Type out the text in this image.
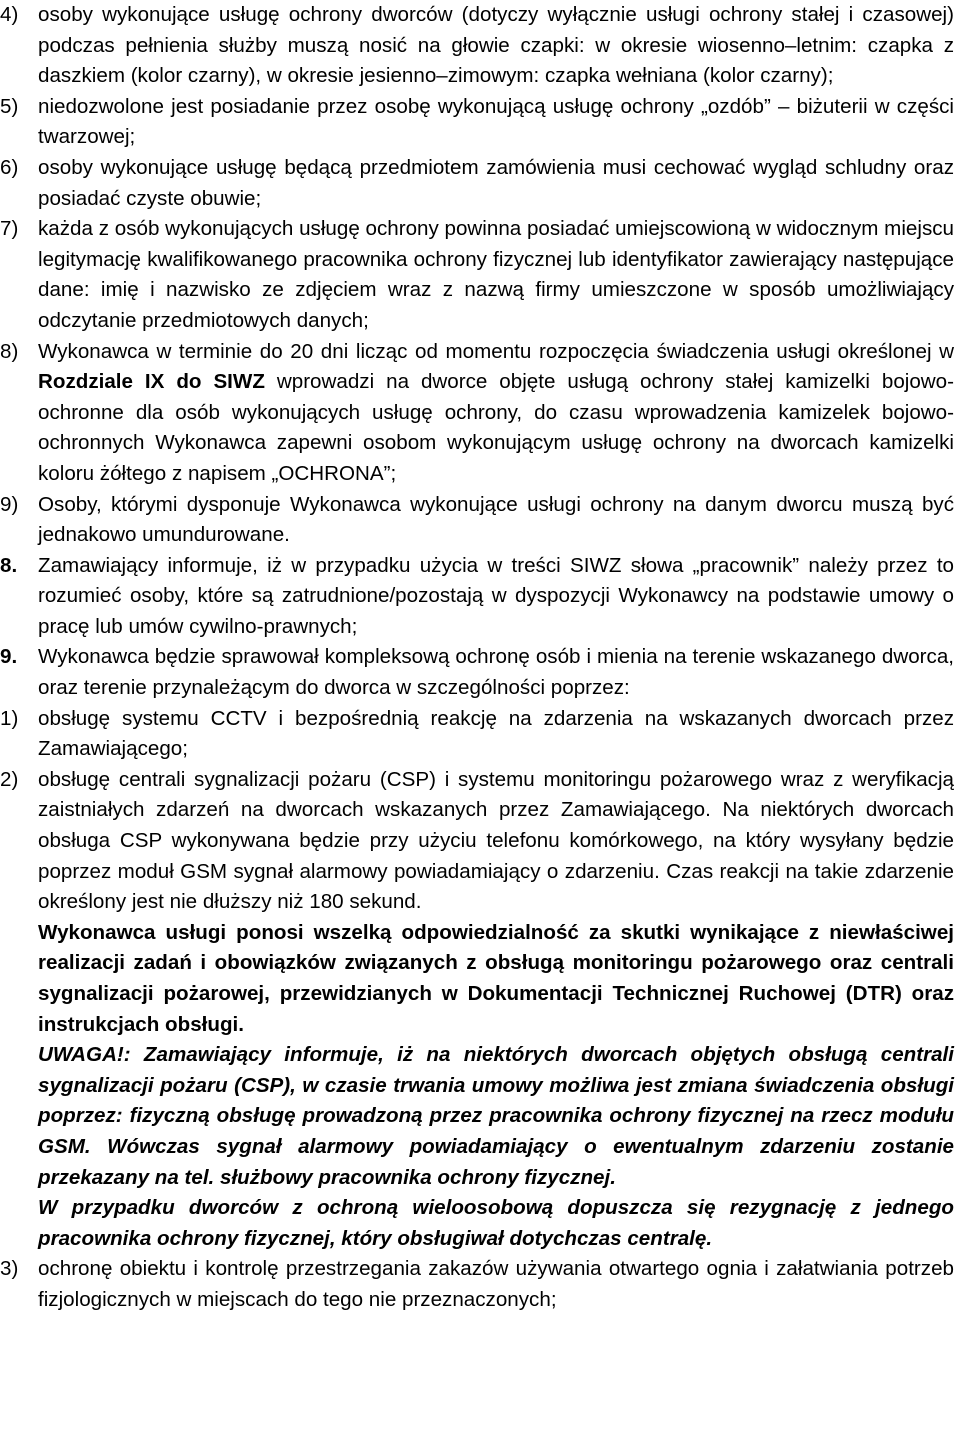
4) osoby wykonujące usługę ochrony dworców (dotyczy wyłącznie usługi ochrony stałej i czasowej) podczas pełnienia służby muszą nosić na głowie czapki: w okresie wiosenno–letnim: czapka z daszkiem (kolor czarny), w okresie jesienno–zimowym: czapka wełniana (kolor czarny);
5) niedozwolone jest posiadanie przez osobę wykonującą usługę ochrony „ozdób” – biżuterii w części twarzowej;
6) osoby wykonujące usługę będącą przedmiotem zamówienia musi cechować wygląd schludny oraz posiadać czyste obuwie;
7) każda z osób wykonujących usługę ochrony powinna posiadać umiejscowioną w widocznym miejscu legitymację kwalifikowanego pracownika ochrony fizycznej lub identyfikator zawierający następujące dane: imię i nazwisko ze zdjęciem wraz z nazwą firmy umieszczone w sposób umożliwiający odczytanie przedmiotowych danych;
8) Wykonawca w terminie do 20 dni licząc od momentu rozpoczęcia świadczenia usługi określonej w Rozdziale IX do SIWZ wprowadzi na dworce objęte usługą ochrony stałej kamizelki bojowo-ochronne dla osób wykonujących usługę ochrony, do czasu wprowadzenia kamizelek bojowo-ochronnych Wykonawca zapewni osobom wykonującym usługę ochrony na dworcach kamizelki koloru żółtego z napisem „OCHRONA”;
9) Osoby, którymi dysponuje Wykonawca wykonujące usługi ochrony na danym dworcu muszą być jednakowo umundurowane.
8. Zamawiający informuje, iż w przypadku użycia w treści SIWZ słowa „pracownik” należy przez to rozumieć osoby, które są zatrudnione/pozostają w dyspozycji Wykonawcy na podstawie umowy o pracę lub umów cywilno-prawnych;
9. Wykonawca będzie sprawował kompleksową ochronę osób i mienia na terenie wskazanego dworca, oraz terenie przynależącym do dworca w szczególności poprzez:
1) obsługę systemu CCTV i bezpośrednią reakcję na zdarzenia na wskazanych dworcach przez Zamawiającego;
2) obsługę centrali sygnalizacji pożaru (CSP) i systemu monitoringu pożarowego wraz z weryfikacją zaistniałych zdarzeń na dworcach wskazanych przez Zamawiającego. Na niektórych dworcach obsługa CSP wykonywana będzie przy użyciu telefonu komórkowego, na który wysyłany będzie poprzez moduł GSM sygnał alarmowy powiadamiający o zdarzeniu. Czas reakcji na takie zdarzenie określony jest nie dłuższy niż 180 sekund.
Wykonawca usługi ponosi wszelką odpowiedzialność za skutki wynikające z niewłaściwej realizacji zadań i obowiązków związanych z obsługą monitoringu pożarowego oraz centrali sygnalizacji pożarowej, przewidzianych w Dokumentacji Technicznej Ruchowej (DTR) oraz instrukcjach obsługi.
UWAGA!: Zamawiający informuje, iż na niektórych dworcach objętych obsługą centrali sygnalizacji pożaru (CSP), w czasie trwania umowy możliwa jest zmiana świadczenia obsługi poprzez: fizyczną obsługę prowadzoną przez pracownika ochrony fizycznej na rzecz modułu GSM. Wówczas sygnał alarmowy powiadamiający o ewentualnym zdarzeniu zostanie przekazany na tel. służbowy pracownika ochrony fizycznej.
W przypadku dworców z ochroną wieloosobową dopuszcza się rezygnację z jednego pracownika ochrony fizycznej, który obsługiwał dotychczas centralę.
3) ochronę obiektu i kontrolę przestrzegania zakazów używania otwartego ognia i załatwiania potrzeb fizjologicznych w miejscach do tego nie przeznaczonych;
